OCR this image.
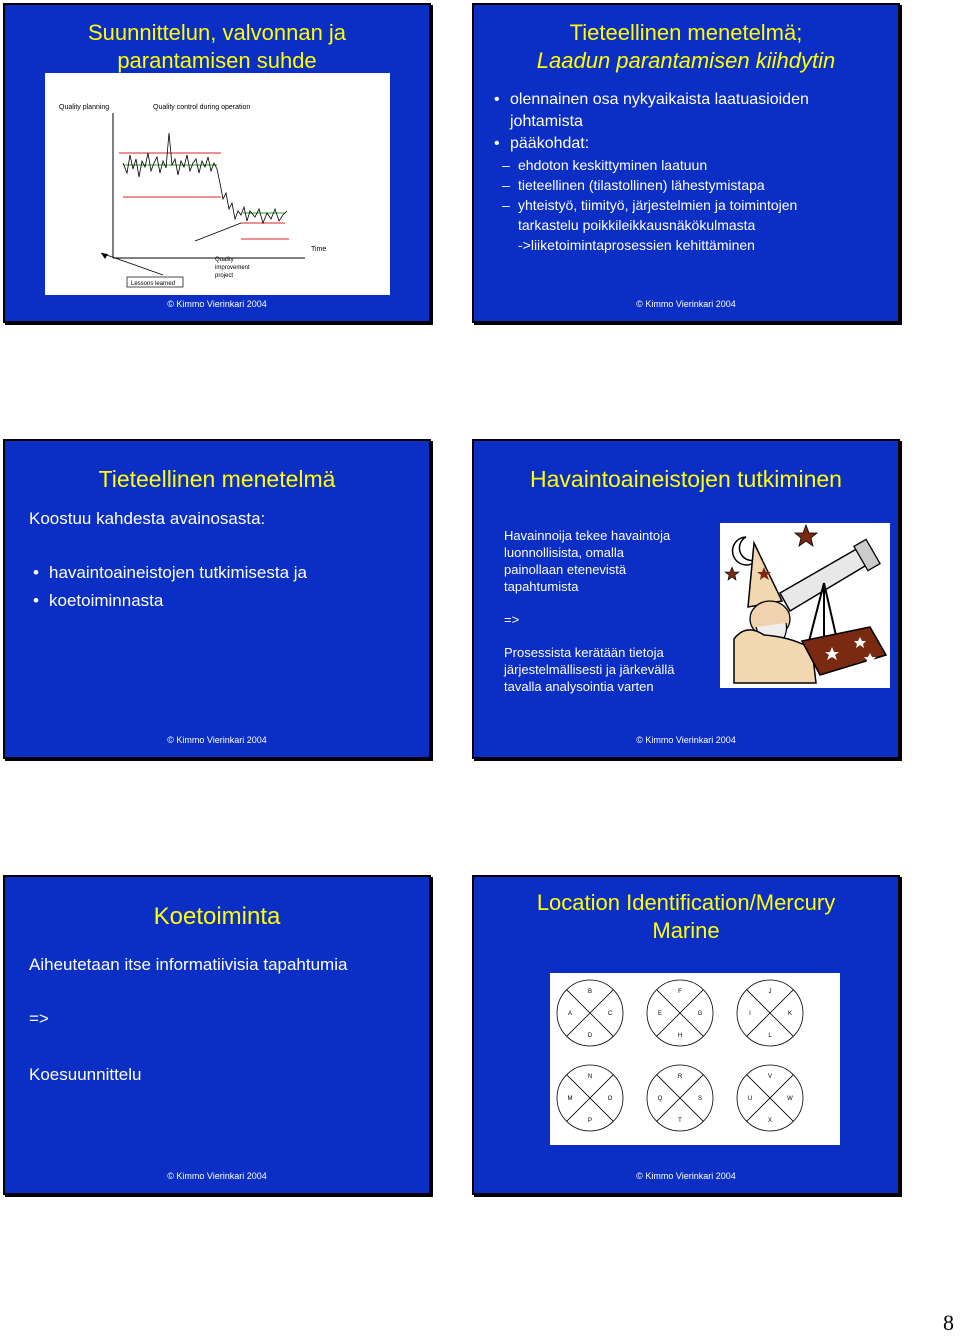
Suunnittelun, valvonnan ja
parantamisen suhde
Quality planning	Quality control during operation
Time
Quality improvement project
Lessons learned
© Kimmo Vierinkari 2004
Tieteellinen menetelmä;
Laadun parantamisen kiihdytin
• olennainen osa nykyaikaista laatuasioiden
johtamista
• pääkohdat:
– ehdoton keskittyminen laatuun
– tieteellinen (tilastollinen) lähestymistapa
– yhteistyö, tiimityö, järjestelmien ja toimintojen
tarkastelu poikkileikkausnäkökulmasta
->liiketoimintaprosessien kehittäminen
© Kimmo Vierinkari 2004
Tieteellinen menetelmä
Koostuu kahdesta avainosasta:
• havaintoaineistojen tutkimisesta ja
• koetoiminnasta
© Kimmo Vierinkari 2004
Havaintoaineistojen tutkiminen
Havainnoija tekee havaintoja
luonnollisista, omalla
painollaan etenevistä
tapahtumista
=>
Prosessista kerätään tietoja
järjestelmällisesti ja järkevällä
tavalla analysointia varten
© Kimmo Vierinkari 2004
Koetoiminta
Aiheutetaan itse informatiivisia tapahtumia
=>
Koesuunnittelu
© Kimmo Vierinkari 2004
Location Identification/Mercury
Marine
B
A	C
D
F
E	G
H
J
I	K
L
N
M	O
P
R
Q	S
T
V
U	W
X
© Kimmo Vierinkari 2004
8
